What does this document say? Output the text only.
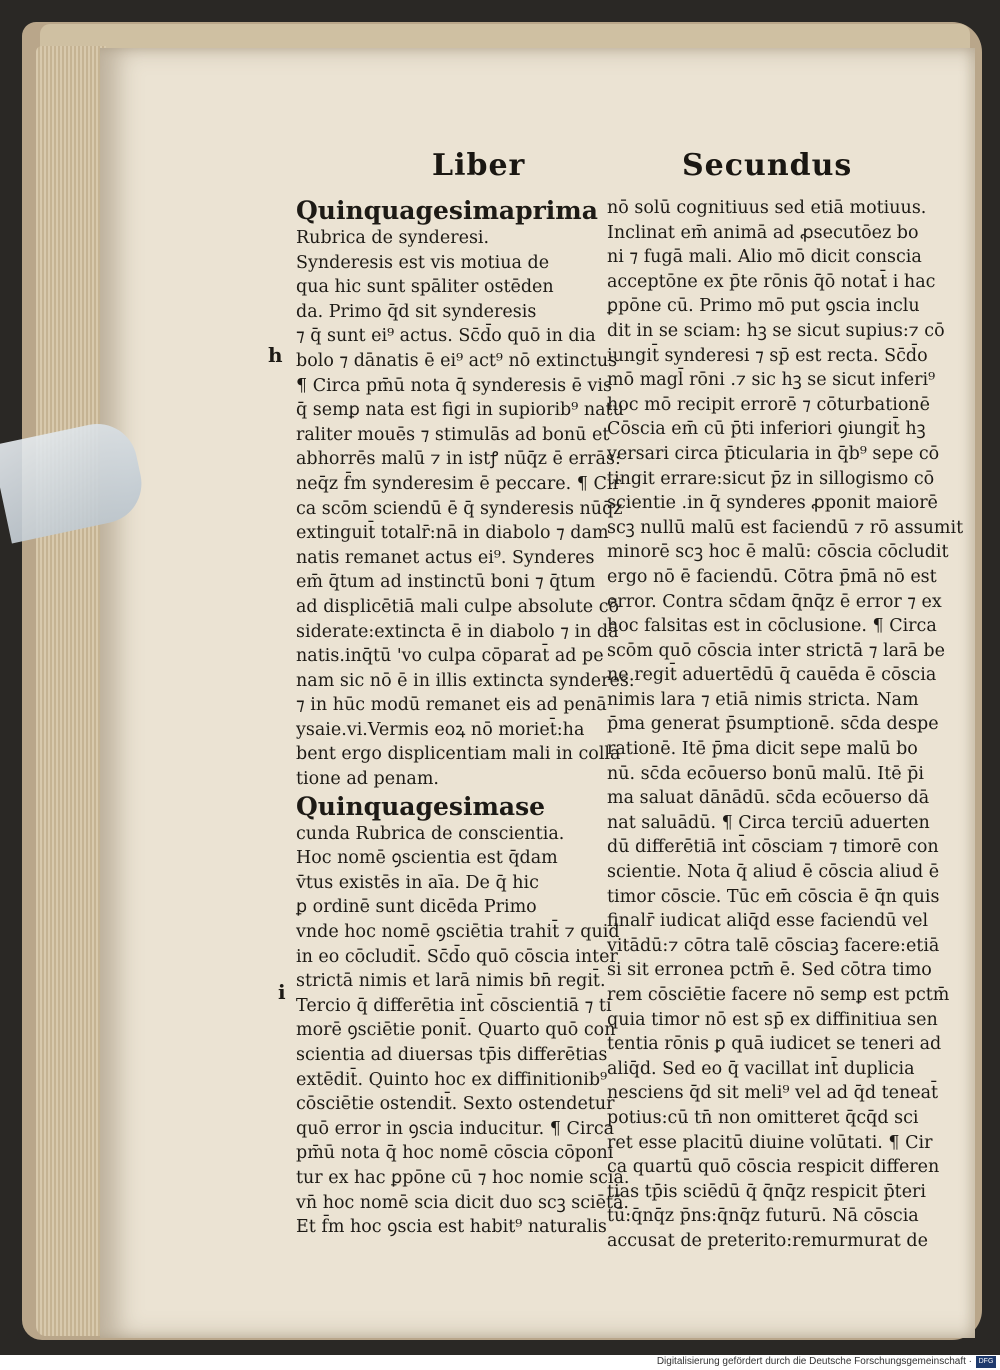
Liber	Secundus
h
i
Quinquagesimaprima
Rubrica de synderesi.
Synderesis est vis motiua de
qua hic sunt spāliter ostēden
da. Primo q̄d sit synderesis
⁊ q̄ sunt ei⁹ actus. Sc̄d̄o quō in dia
bolo ⁊ dānatis ē ei⁹ act⁹ nō extinctus
¶ Circa pm̄ū nota q̄ synderesis ē vis
q̄ semꝑ nata est figi in supiorib⁹ natu
raliter mouēs ⁊ stimulās ad bonū et
abhorrēs malū ⁊ in istꝭ nūq̄z ē errās:
neq̄z f̄m synderesim ē peccare. ¶ Cir
ca scōm sciendū ē q̄ synderesis nūq̄z
extinguit̄ totalr̄:nā in diabolo ⁊ dam
natis remanet actus ei⁹. Synderes
em̄ q̄tum ad instinctū boni ⁊ q̄tum
ad displicētiā mali culpe absolute cō
siderate:extincta ē in diabolo ⁊ in dā
natis.inq̄tū 'vo culpa cōparat̄ ad pe
nam sic nō ē in illis extincta synderes:
⁊ in hūc modū remanet eis ad penā
ysaie.vi.Vermis eoꝝ nō moriet̄:ha
bent ergo displicentiam mali in colla
tione ad penam.
Quinquagesimase
cunda Rubrica de conscientia.
Hoc nomē ꝯscientia est q̄dam
v̄tus existēs in aīa. De q̄ hic
ꝑ ordinē sunt dicēda Primo
vnde hoc nomē ꝯsciētia trahit̄ ⁊ quid
in eo cōcludit̄. Sc̄d̄o quō cōscia inter
strictā nimis et larā nimis bn̄ regit̄.
Tercio q̄ differētia int̄ cōscientiā ⁊ ti
morē ꝯsciētie ponit̄. Quarto quō con
scientia ad diuersas tp̄is differētias
extēdit̄. Quinto hoc ex diffinitionib⁹
cōsciētie ostendit̄. Sexto ostendetur
quō error in ꝯscia inducitur. ¶ Circa
pm̄ū nota q̄ hoc nomē cōscia cōponi
tur ex hac ꝑpōne cū ⁊ hoc nomie scia.
vn̄ hoc nomē scia dicit duo scꝫ sciētā.
Et f̄m hoc ꝯscia est habit⁹ naturalis
nō solū cognitiuus sed etiā motiuus.
Inclinat em̄ animā ad ꝓsecutōez bo
ni ⁊ fugā mali. Alio mō dicit conscia
acceptōne ex p̄te rōnis q̄ō notat̄ i hac
ꝑpōne cū. Primo mō put ꝯscia inclu
dit in se sciam: hꝫ se sicut supius:⁊ cō
iungit̄ synderesi ⁊ sp̄ est recta. Sc̄d̄o
mō magl̄ rōni .⁊ sic hꝫ se sicut inferi⁹
hoc mō recipit errorē ⁊ cōturbationē
Cōscia em̄ cū p̄ti inferiori ꝯiungit̄ hꝫ
versari circa p̄ticularia in q̄b⁹ sepe cō
tingit errare:sicut p̄z in sillogismo cō
scientie .in q̄ synderes ꝓponit maiorē
scꝫ nullū malū est faciendū ⁊ rō assumit
minorē scꝫ hoc ē malū: cōscia cōcludit
ergo nō ē faciendū. Cōtra p̄mā nō est
error. Contra sc̄dam q̄nq̄z ē error ⁊ ex
hoc falsitas est in cōclusione. ¶ Circa
scōm quō cōscia inter strictā ⁊ larā be
ne regit̄ aduertēdū q̄ cauēda ē cōscia
nimis lara ⁊ etiā nimis stricta. Nam
p̄ma generat p̄sumptionē. sc̄da despe
rationē. Itē p̄ma dicit sepe malū bo
nū. sc̄da ecōuerso bonū malū. Itē p̄i
ma saluat dānādū. sc̄da ecōuerso dā
nat saluādū. ¶ Circa terciū aduerten
dū differētiā int̄ cōsciam ⁊ timorē con
scientie. Nota q̄ aliud ē cōscia aliud ē
timor cōscie. Tūc em̄ cōscia ē q̄n quis
finalr̄ iudicat aliq̄d esse faciendū vel
vitādū:⁊ cōtra talē cōsciaꝫ facere:etiā
si sit erronea pctm̄ ē. Sed cōtra timo
rem cōsciētie facere nō semꝑ est pctm̄
quia timor nō est sp̄ ex diffinitiua sen
tentia rōnis ꝑ quā iudicet se teneri ad
aliq̄d. Sed eo q̄ vacillat int̄ duplicia
nesciens q̄d sit meli⁹ vel ad q̄d teneat̄
potius:cū tn̄ non omitteret q̄cq̄d sci
ret esse placitū diuine volūtati. ¶ Cir
ca quartū quō cōscia respicit differen
tias tp̄is sciēdū q̄ q̄nq̄z respicit p̄teri
tū:q̄nq̄z p̄ns:q̄nq̄z futurū. Nā cōscia
accusat de preterito:remurmurat de
Digitalisierung gefördert durch die Deutsche Forschungsgemeinschaft · DFG
